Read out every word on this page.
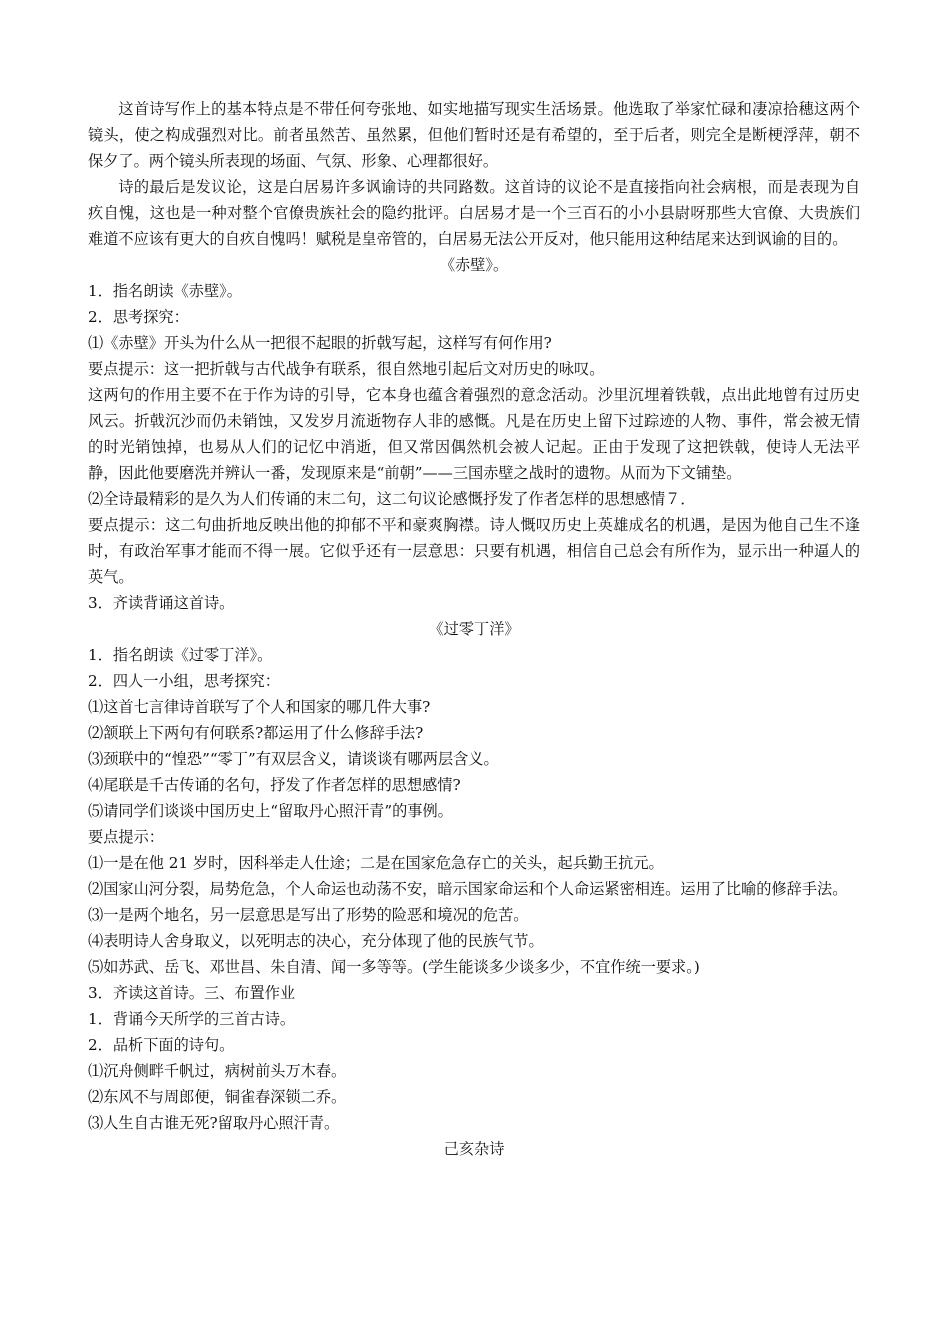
这首诗写作上的基本特点是不带任何夸张地、如实地描写现实生活场景。他选取了举家忙碌和凄凉拾穗这两个镜头，使之构成强烈对比。前者虽然苦、虽然累，但他们暂时还是有希望的，至于后者，则完全是断梗浮萍，朝不保夕了。两个镜头所表现的场面、气氛、形象、心理都很好。

诗的最后是发议论，这是白居易许多讽谕诗的共同路数。这首诗的议论不是直接指向社会病根，而是表现为自疚自愧，这也是一种对整个官僚贵族社会的隐约批评。白居易才是一个三百石的小小县尉呀那些大官僚、大贵族们难道不应该有更大的自疚自愧吗！赋税是皇帝管的，白居易无法公开反对，他只能用这种结尾来达到讽谕的目的。

《赤壁》。

1．指名朗读《赤壁》。

2．思考探究：

⑴《赤壁》开头为什么从一把很不起眼的折戟写起，这样写有何作用?

要点提示：这一把折戟与古代战争有联系，很自然地引起后文对历史的咏叹。

这两句的作用主要不在于作为诗的引导，它本身也蕴含着强烈的意念活动。沙里沉埋着铁戟，点出此地曾有过历史风云。折戟沉沙而仍未销蚀，又发岁月流逝物存人非的感慨。凡是在历史上留下过踪迹的人物、事件，常会被无情的时光销蚀掉，也易从人们的记忆中消逝，但又常因偶然机会被人记起。正由于发现了这把铁戟，使诗人无法平静，因此他要磨洗并辨认一番，发现原来是“前朝”——三国赤壁之战时的遗物。从而为下文铺垫。

⑵全诗最精彩的是久为人们传诵的末二句，这二句议论感慨抒发了作者怎样的思想感情７．

要点提示：这二句曲折地反映出他的抑郁不平和豪爽胸襟。诗人慨叹历史上英雄成名的机遇，是因为他自己生不逢时，有政治军事才能而不得一展。它似乎还有一层意思：只要有机遇，相信自己总会有所作为，显示出一种逼人的英气。

3．齐读背诵这首诗。

《过零丁洋》

1．指名朗读《过零丁洋》。

2．四人一小组，思考探究：

⑴这首七言律诗首联写了个人和国家的哪几件大事?

⑵颔联上下两句有何联系?都运用了什么修辞手法?

⑶颈联中的“惶恐”“零丁”有双层含义，请谈谈有哪两层含义。

⑷尾联是千古传诵的名句，抒发了作者怎样的思想感情?

⑸请同学们谈谈中国历史上“留取丹心照汗青”的事例。

要点提示：

⑴一是在他 21 岁时，因科举走人仕途；二是在国家危急存亡的关头，起兵勤王抗元。

⑵国家山河分裂，局势危急，个人命运也动荡不安，暗示国家命运和个人命运紧密相连。运用了比喻的修辞手法。

⑶一是两个地名，另一层意思是写出了形势的险恶和境况的危苦。

⑷表明诗人舍身取义，以死明志的决心，充分体现了他的民族气节。

⑸如苏武、岳飞、邓世昌、朱自清、闻一多等等。(学生能谈多少谈多少，不宜作统一要求。)

3．齐读这首诗。三、布置作业

1．背诵今天所学的三首古诗。

2．品析下面的诗句。

⑴沉舟侧畔千帆过，病树前头万木春。

⑵东风不与周郎便，铜雀春深锁二乔。

⑶人生自古谁无死?留取丹心照汗青。

己亥杂诗
